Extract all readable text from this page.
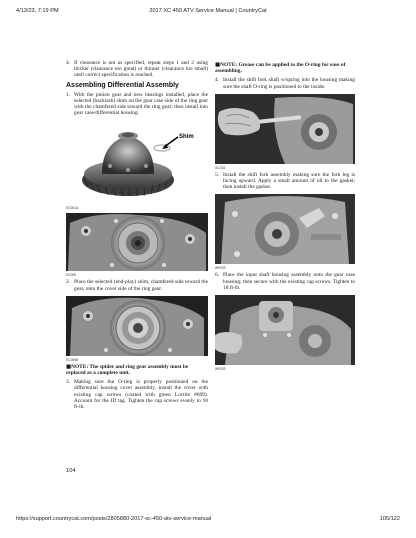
4/13/23, 7:19 PM	2017 XC 450 ATV Service Manual | CountryCat
4. If clearance is not as specified, repeat steps 1 and 2 using thicker (clearance too great) or thinner (clearance too small) until correct specification is reached.
Assembling Differential Assembly
1. With the pinion gear and new bearings installed, place the selected (backlash) shim on the gear case side of the ring gear with the chamfered side toward the ring gear; then install into gear case/differential housing.
Shim
GC001A
GC005
2. Place the selected (end-play) shim, chamfered side toward the gear, onto the cover side of the ring gear.
GC006B
■NOTE: The spider and ring gear assembly must be replaced as a complete unit.
3. Making sure the O-ring is properly positioned on the differential housing cover assembly, install the cover with existing cap screws (coated with green Loctite #609). Account for the ID tag. Tighten the cap screws evenly to 18 ft-lb.
104
■NOTE: Grease can be applied to the O-ring for ease of assembling.
4. Install the shift fork shaft w/spring into the housing making sure the shaft O-ring is positioned to the inside.
GC016
5. Install the shift fork assembly making sure the fork leg is facing upward. Apply a small amount of oil to the gasket; then install the gasket.
WP029
6. Place the input shaft housing assembly onto the gear case housing; then secure with the existing cap screws. Tighten to 18 ft-lb.
WP033
https://support.countrycat.com/posts/2805880-2017-xc-450-atv-service-manual	105/122
